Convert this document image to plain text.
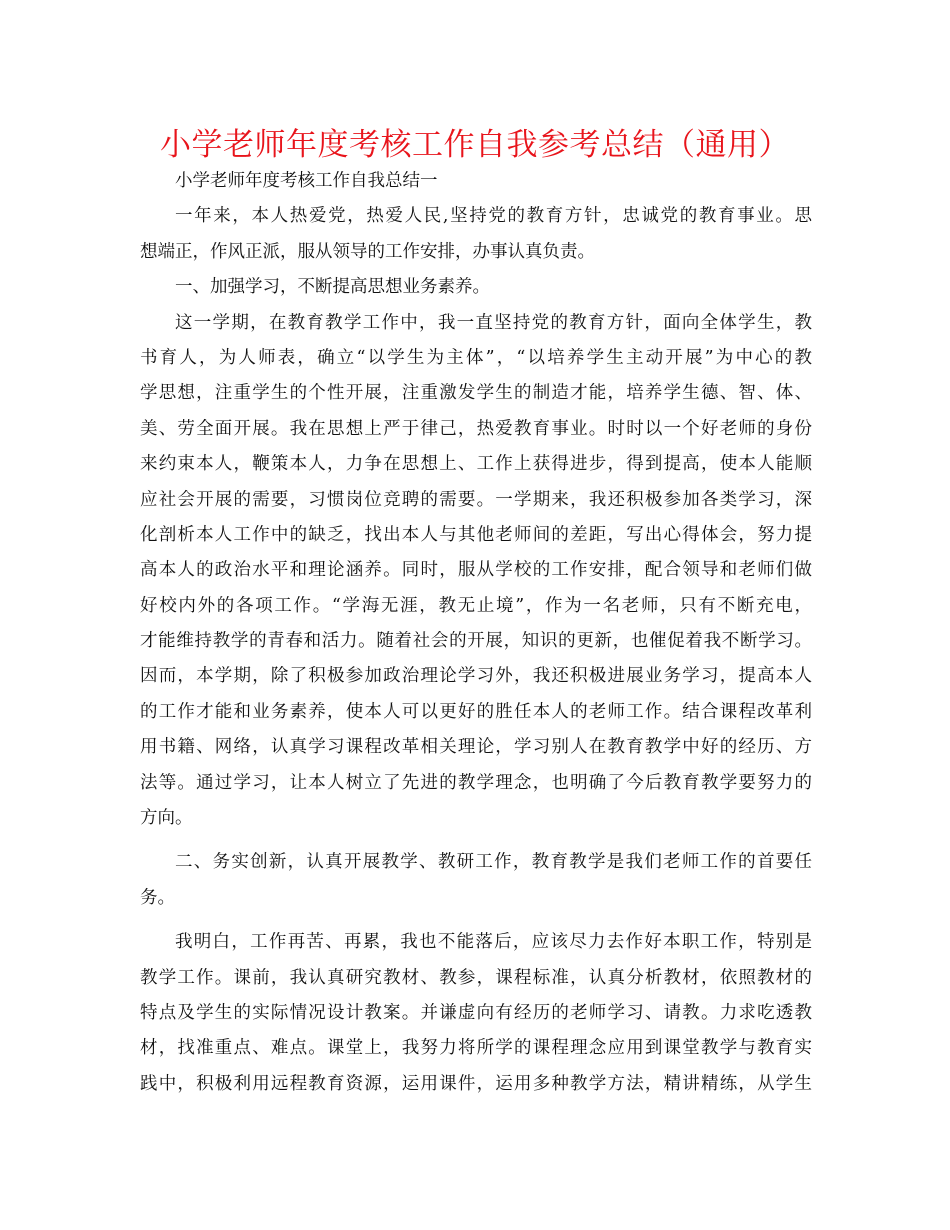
小学老师年度考核工作自我参考总结（通用）
小学老师年度考核工作自我总结一
一年来，本人热爱党，热爱人民,坚持党的教育方针，忠诚党的教育事业。思
想端正，作风正派，服从领导的工作安排，办事认真负责。
一、加强学习，不断提高思想业务素养。
这一学期，在教育教学工作中，我一直坚持党的教育方针，面向全体学生，教
书育人，为人师表，确立“以学生为主体”，“以培养学生主动开展”为中心的教
学思想，注重学生的个性开展，注重激发学生的制造才能，培养学生德、智、体、
美、劳全面开展。我在思想上严于律己，热爱教育事业。时时以一个好老师的身份
来约束本人，鞭策本人，力争在思想上、工作上获得进步，得到提高，使本人能顺
应社会开展的需要，习惯岗位竞聘的需要。一学期来，我还积极参加各类学习，深
化剖析本人工作中的缺乏，找出本人与其他老师间的差距，写出心得体会，努力提
高本人的政治水平和理论涵养。同时，服从学校的工作安排，配合领导和老师们做
好校内外的各项工作。“学海无涯，教无止境”，作为一名老师，只有不断充电，
才能维持教学的青春和活力。随着社会的开展，知识的更新，也催促着我不断学习。
因而，本学期，除了积极参加政治理论学习外，我还积极进展业务学习，提高本人
的工作才能和业务素养，使本人可以更好的胜任本人的老师工作。结合课程改革利
用书籍、网络，认真学习课程改革相关理论，学习别人在教育教学中好的经历、方
法等。通过学习，让本人树立了先进的教学理念，也明确了今后教育教学要努力的
方向。
二、务实创新，认真开展教学、教研工作，教育教学是我们老师工作的首要任
务。
我明白，工作再苦、再累，我也不能落后，应该尽力去作好本职工作，特别是
教学工作。课前，我认真研究教材、教参，课程标准，认真分析教材，依照教材的
特点及学生的实际情况设计教案。并谦虚向有经历的老师学习、请教。力求吃透教
材，找准重点、难点。课堂上，我努力将所学的课程理念应用到课堂教学与教育实
践中，积极利用远程教育资源，运用课件，运用多种教学方法，精讲精练，从学生
